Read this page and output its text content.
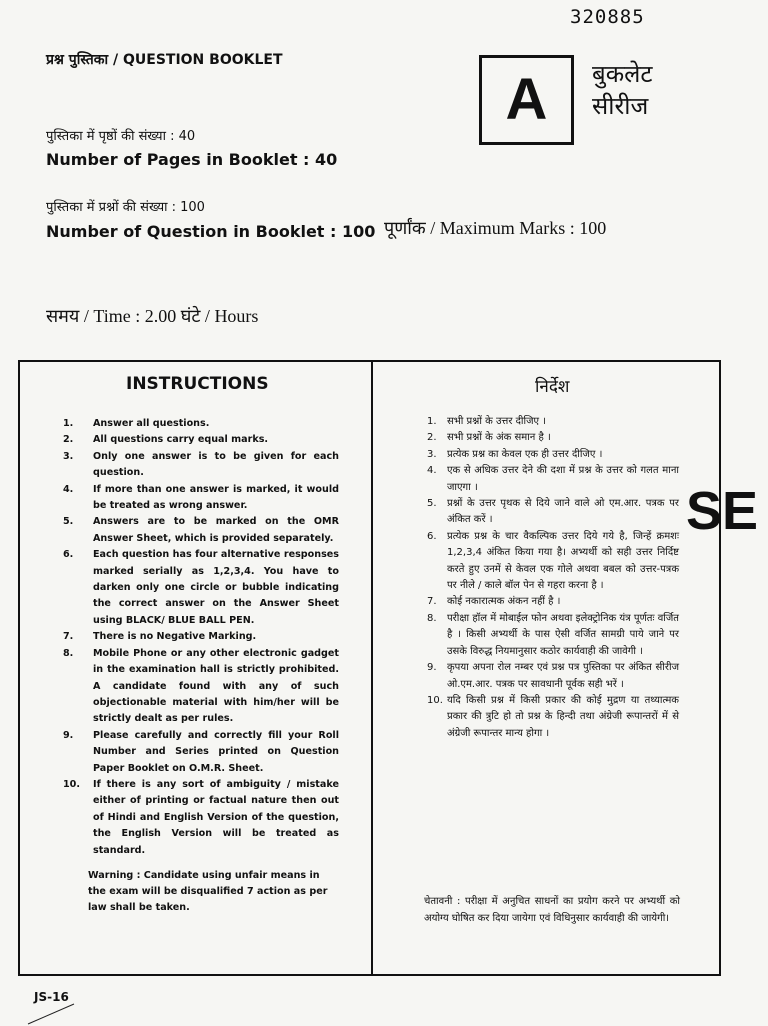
320885
प्रश्न पुस्तिका / QUESTION BOOKLET
A बुकलेट
सीरीज
पुस्तिका में पृष्ठों की संख्या : 40
Number of Pages in Booklet : 40
पुस्तिका में प्रश्नों की संख्या : 100
Number of Question in Booklet : 100 पूर्णांक / Maximum Marks : 100
समय / Time : 2.00 घंटे / Hours
INSTRUCTIONS	निर्देश
1.	Answer all questions.
2.	All questions carry equal marks.
3.	Only one answer is to be given for each question.
4.	If more than one answer is marked, it would be treated as wrong answer.
5.	Answers are to be marked on the OMR Answer Sheet, which is provided separately.
6.	Each question has four alternative responses marked serially as 1,2,3,4. You have to darken only one circle or bubble indicating the correct answer on the Answer Sheet using BLACK/ BLUE BALL PEN.
7.	There is no Negative Marking.
8.	Mobile Phone or any other electronic gadget in the examination hall is strictly prohibited. A candidate found with any of such objectionable material with him/her will be strictly dealt as per rules.
9.	Please carefully and correctly fill your Roll Number and Series printed on Question Paper Booklet on O.M.R. Sheet.
10.	If there is any sort of ambiguity / mistake either of printing or factual nature then out of Hindi and English Version of the question, the English Version will be treated as standard.
Warning : Candidate using unfair means in the exam will be disqualified 7 action as per law shall be taken.
1.	सभी प्रश्नों के उत्तर दीजिए ।
2.	सभी प्रश्नों के अंक समान है ।
3.	प्रत्येक प्रश्न का केवल एक ही उत्तर दीजिए ।
4.	एक से अधिक उत्तर देने की दशा में प्रश्न के उत्तर को गलत माना जाएगा ।
5.	प्रश्नों के उत्तर पृथक से दिये जाने वाले ओ एम.आर. पत्रक पर अंकित करें ।
6.	प्रत्येक प्रश्न के चार वैकल्पिक उत्तर दिये गये है, जिन्हें क्रमशः 1,2,3,4 अंकित किया गया है। अभ्यर्थी को सही उत्तर निर्दिष्ट करते हुए उनमें से केवल एक गोले अथवा बबल को उत्तर-पत्रक पर नीले / काले बॉल पेन से गहरा करना है ।
7.	कोई नकारात्मक अंकन नहीं है ।
8.	परीक्षा हॉल में मोबाईल फोन अथवा इलेक्ट्रोनिक यंत्र पूर्णतः वर्जित है । किसी अभ्यर्थी के पास ऐसी वर्जित सामग्री पाये जाने पर उसके विरुद्ध नियमानुसार कठोर कार्यवाही की जावेगी ।
9.	कृपया अपना रोल नम्बर एवं प्रश्न पत्र पुस्तिका पर अंकित सीरीज ओ.एम.आर. पत्रक पर सावधानी पूर्वक सही भरें ।
10. यदि किसी प्रश्न में किसी प्रकार की कोई मुद्रण या तथ्यात्मक प्रकार की त्रुटि हो तो प्रश्न के हिन्दी तथा अंग्रेजी रूपान्तरों में से अंग्रेजी रूपान्तर मान्य होगा ।
चेतावनी : परीक्षा में अनुचित साधनों का प्रयोग करने पर अभ्यर्थी को अयोग्य घोषित कर दिया जायेगा एवं विधिनुसार कार्यवाही की जायेगी।
SE
JS-16
